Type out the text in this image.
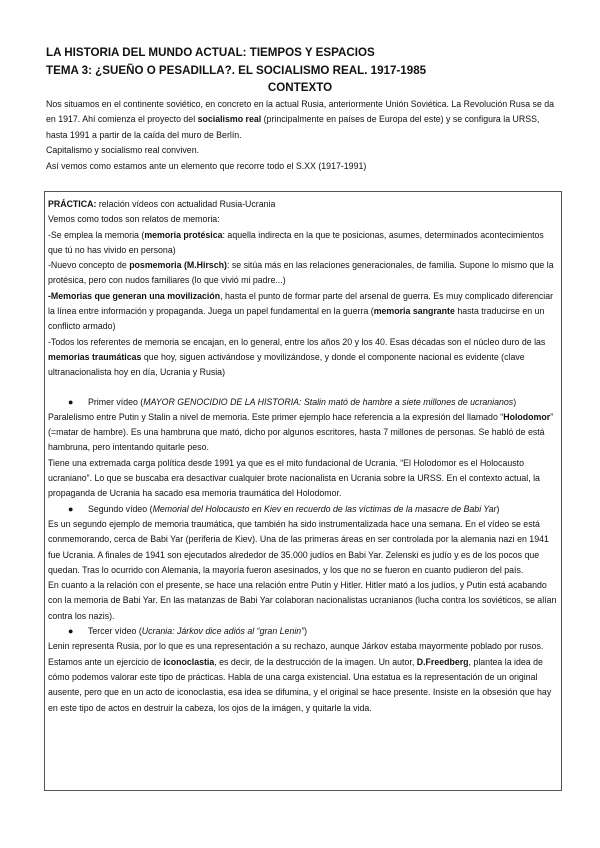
LA HISTORIA DEL MUNDO ACTUAL: TIEMPOS Y ESPACIOS
TEMA 3: ¿SUEÑO O PESADILLA?. EL SOCIALISMO REAL. 1917-1985
CONTEXTO

Nos situamos en el continente soviético, en concreto en la actual Rusia, anteriormente Unión Soviética. La Revolución Rusa se da en 1917. Ahí comienza el proyecto del socialismo real (principalmente en países de Europa del este) y se configura la URSS, hasta 1991 a partir de la caída del muro de Berlín.

Capitalismo y socialismo real conviven.

Así vemos como estamos ante un elemento que recorre todo el S.XX (1917-1991)

PRÁCTICA: relación vídeos con actualidad Rusia-Ucrania

Vemos como todos son relatos de memoria:

-Se emplea la memoria (memoria protésica: aquella indirecta en la que te posicionas, asumes, determinados acontecimientos que tú no has vivido en persona)

-Nuevo concepto de posmemoria (M.Hirsch): se sitúa más en las relaciones generacionales, de familia. Supone lo mismo que la protésica, pero con nudos familiares (lo que vivió mi padre...)

-Memorias que generan una movilización, hasta el punto de formar parte del arsenal de guerra. Es muy complicado diferenciar la línea entre información y propaganda. Juega un papel fundamental en la guerra (memoria sangrante hasta traducirse en un conflicto armado)

-Todos los referentes de memoria se encajan, en lo general, entre los años 20 y los 40. Esas décadas son el núcleo duro de las memorias traumáticas que hoy, siguen activándose y movilizándose, y donde el componente nacional es evidente (clave ultranacionalista hoy en día, Ucrania y Rusia)

●	Primer vídeo (MAYOR GENOCIDIO DE LA HISTORIA: Stalin mató de hambre a siete millones de ucranianos)

Paralelismo entre Putin y Stalin a nivel de memoria. Este primer ejemplo hace referencia a la expresión del llamado “Holodomor” (=matar de hambre). Es una hambruna que mató, dicho por algunos escritores, hasta 7 millones de personas. Se habló de está hambruna, pero intentando quitarle peso.

Tiene una extremada carga política desde 1991 ya que es el mito fundacional de Ucrania. “El Holodomor es el Holocausto ucraniano”. Lo que se buscaba era desactivar cualquier brote nacionalista en Ucrania sobre la URSS. En el contexto actual, la propaganda de Ucrania ha sacado esa memoria traumática del Holodomor.

●	Segundo vídeo (Memorial del Holocausto en Kiev en recuerdo de las víctimas de la masacre de Babi Yar)

Es un segundo ejemplo de memoria traumática, que también ha sido instrumentalizada hace una semana. En el vídeo se está conmemorando, cerca de Babi Yar (periferia de Kiev). Una de las primeras áreas en ser controlada por la alemania nazi en 1941 fue Ucrania. A finales de 1941 son ejecutados alrededor de 35.000 judíos en Babi Yar. Zelenski es judío y es de los pocos que quedan. Tras lo ocurrido con Alemania, la mayoría fueron asesinados, y los que no se fueron en cuanto pudieron del país.

En cuanto a la relación con el presente, se hace una relación entre Putin y Hitler. Hitler mató a los judíos, y Putin está acabando con la memoria de Babi Yar. En las matanzas de Babi Yar colaboran nacionalistas ucranianos (lucha contra los soviéticos, se alían contra los nazis).

●	Tercer vídeo (Ucrania: Járkov dice adiós al “gran Lenin”)

Lenin representa Rusia, por lo que es una representación a su rechazo, aunque Járkov estaba mayormente poblado por rusos.

Estamos ante un ejercicio de iconoclastia, es decir, de la destrucción de la imagen. Un autor, D.Freedberg, plantea la idea de cómo podemos valorar este tipo de prácticas. Habla de una carga existencial. Una estatua es la representación de un original ausente, pero que en un acto de iconoclastia, esa idea se difumina, y el original se hace presente. Insiste en la obsesión que hay en este tipo de actos en destruir la cabeza, los ojos de la imágen, y quitarle la vida.
